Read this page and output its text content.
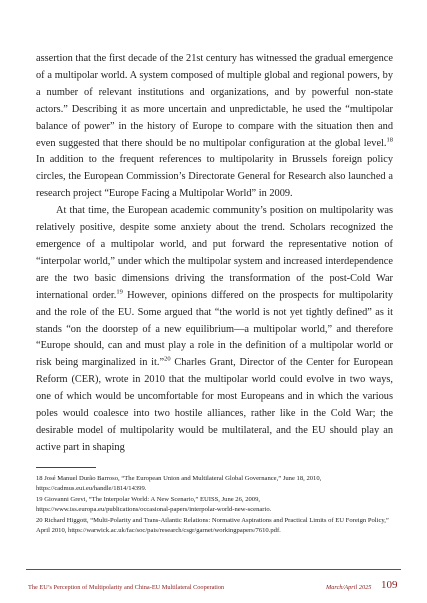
assertion that the first decade of the 21st century has witnessed the gradual emergence of a multipolar world. A system composed of multiple global and regional powers, by a number of relevant institutions and organizations, and by powerful non-state actors.” Describing it as more uncertain and unpredictable, he used the “multipolar balance of power” in the history of Europe to compare with the situation then and even suggested that there should be no multipolar configuration at the global level.$^{18}$ In addition to the frequent references to multipolarity in Brussels foreign policy circles, the European Commission’s Directorate General for Research also launched a research project “Europe Facing a Multipolar World” in 2009.

At that time, the European academic community’s position on multipolarity was relatively positive, despite some anxiety about the trend. Scholars recognized the emergence of a multipolar world, and put forward the representative notion of “interpolar world,” under which the multipolar system and increased interdependence are the two basic dimensions driving the transformation of the post-Cold War international order.$^{19}$ However, opinions differed on the prospects for multipolarity and the role of the EU. Some argued that “the world is not yet tightly defined” as it stands “on the doorstep of a new equilibrium—a multipolar world,” and therefore “Europe should, can and must play a role in the definition of a multipolar world or risk being marginalized in it.”$^{20}$ Charles Grant, Director of the Center for European Reform (CER), wrote in 2010 that the multipolar world could evolve in two ways, one of which would be uncomfortable for most Europeans and in which the various poles would coalesce into two hostile alliances, rather like in the Cold War; the desirable model of multipolarity would be multilateral, and the EU should play an active part in shaping

18 José Manuel Durão Barroso, “The European Union and Multilateral Global Governance,” June 18, 2010, https://cadmus.eui.eu/handle/1814/14399.

19 Giovanni Grevi, “The Interpolar World: A New Scenario,” EUISS, June 26, 2009, https://www.iss.europa.eu/publications/occasional-papers/interpolar-world-new-scenario.

20 Richard Higgott, “Multi-Polarity and Trans-Atlantic Relations: Normative Aspirations and Practical Limits of EU Foreign Policy,” April 2010, https://warwick.ac.uk/fac/soc/pais/research/csgr/garnet/workingpapers/7610.pdf.

The EU’s Perception of Multipolarity and China-EU Multilateral Cooperation	March/April 2025 109
